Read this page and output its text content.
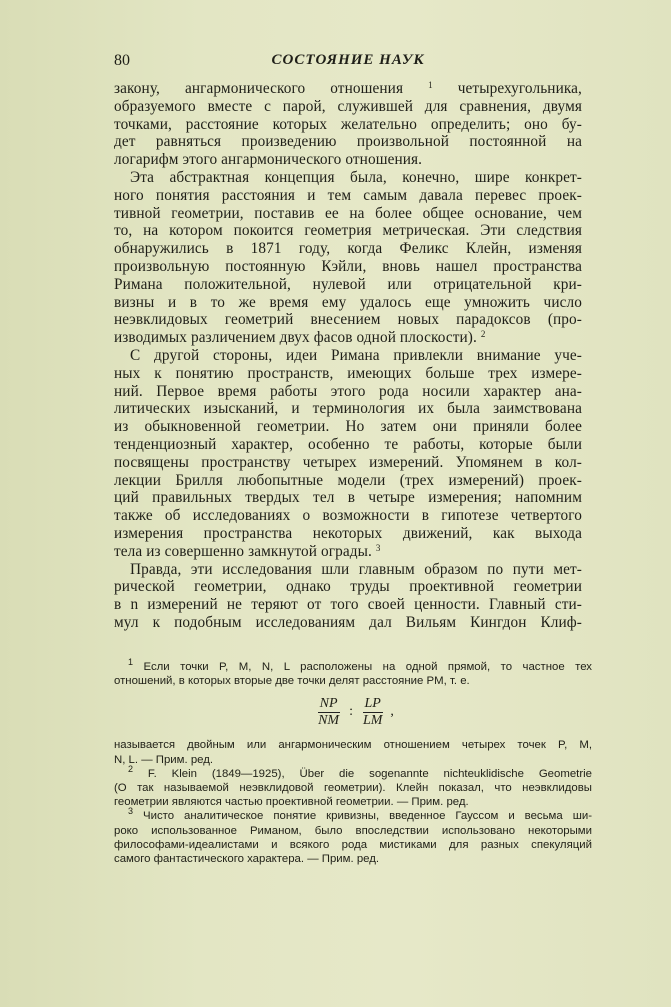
80	СОСТОЯНИЕ НАУК
закону, ангармонического отношения	$^1$ четырехугольника,
образуемого вместе с парой, служившей для сравнения, двумя
точками, расстояние которых желательно определить; оно бу-
дет равняться произведению произвольной постоянной на
логарифм этого ангармонического отношения.
Эта абстрактная концепция была, конечно, шире конкрет-
ного понятия расстояния и тем самым давала перевес проек-
тивной геометрии, поставив ее на более общее основание, чем
то, на котором покоится геометрия метрическая. Эти следствия
обнаружились в 1871 году, когда Феликс Клейн, изменяя
произвольную постоянную Кэйли, вновь нашел пространства
Римана положительной, нулевой или отрицательной кри-
визны и в то же время ему удалось еще умножить число
неэвклидовых геометрий внесением новых парадоксов (про-
изводимых различением двух фасов одной плоскости). $^2$
С другой стороны, идеи Римана привлекли внимание уче-
ных к понятию пространств, имеющих больше трех измере-
ний. Первое время работы этого рода носили характер ана-
литических изысканий, и терминология их была заимствована
из обыкновенной геометрии. Но затем они приняли более
тенденциозный характер, особенно те работы, которые были
посвящены пространству четырех измерений. Упомянем в кол-
лекции Брилля любопытные модели (трех измерений) проек-
ций правильных твердых тел в четыре измерения; напомним
также об исследованиях о возможности в гипотезе четвертого
измерения пространства некоторых движений, как выхода
тела из совершенно замкнутой ограды. $^3$
Правда, эти исследования шли главным образом по пути мет-
рической геометрии, однако труды проективной геометрии
в n измерений не теряют от того своей ценности. Главный сти-
мул к подобным исследованиям дал Вильям Кингдон Клиф-
$^1$ Если точки P, M, N, L расположены на одной прямой, то частное тех
отношений, в которых вторые две точки делят расстояние PM, т. е.
$\frac{NP}{NM}$ : $\frac{LP}{LM}$ ,
называется двойным или ангармоническим отношением четырех точек P, M,
N, L. — Прим. ред.
$^2$ F. Klein (1849—1925), Über die sogenannte nichteuklidische Geometrie
(О так называемой неэвклидовой геометрии). Клейн показал, что неэвклидовы
геометрии являются частью проективной геометрии. — Прим. ред.
$^3$ Чисто аналитическое понятие кривизны, введенное Гауссом и весьма ши-
роко использованное Риманом, было впоследствии использовано некоторыми
философами-идеалистами и всякого рода мистиками для разных спекуляций
самого фантастического характера. — Прим. ред.
